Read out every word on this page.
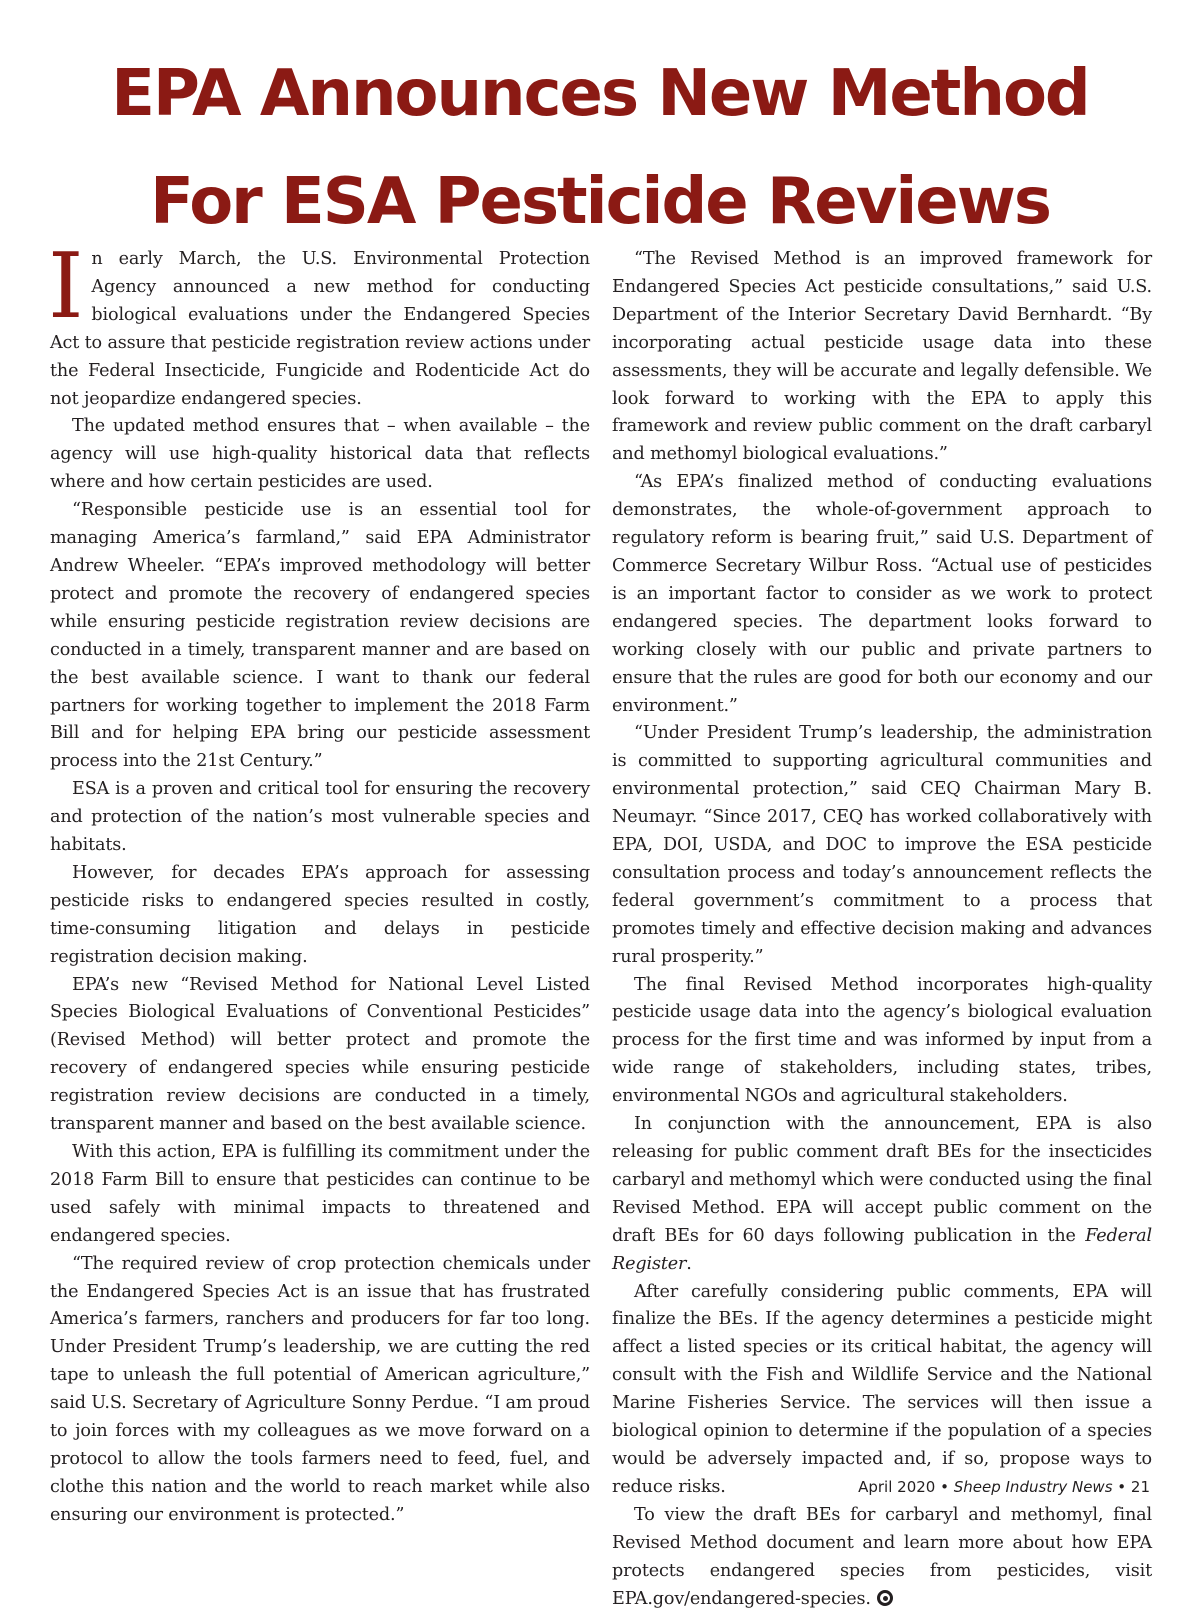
EPA Announces New Method
For ESA Pesticide Reviews

In early March, the U.S. Environmental Protection Agency announced a new method for conducting biological evaluations under the Endangered Species Act to assure that pesticide registration review actions under the Federal Insecticide, Fungicide and Rodenticide Act do not jeopardize endangered species.

The updated method ensures that – when available – the agency will use high-quality historical data that reflects where and how certain pesticides are used.

“Responsible pesticide use is an essential tool for managing America’s farmland,” said EPA Administrator Andrew Wheeler. “EPA’s improved methodology will better protect and promote the recovery of endangered species while ensuring pesticide registration review decisions are conducted in a timely, transparent manner and are based on the best available science. I want to thank our federal partners for working together to implement the 2018 Farm Bill and for helping EPA bring our pesticide assessment process into the 21st Century.”

ESA is a proven and critical tool for ensuring the recovery and protection of the nation’s most vulnerable species and habitats.

However, for decades EPA’s approach for assessing pesticide risks to endangered species resulted in costly, time-consuming litigation and delays in pesticide registration decision making.

EPA’s new “Revised Method for National Level Listed Species Biological Evaluations of Conventional Pesticides” (Revised Method) will better protect and promote the recovery of endangered species while ensuring pesticide registration review decisions are conducted in a timely, transparent manner and based on the best available science.

With this action, EPA is fulfilling its commitment under the 2018 Farm Bill to ensure that pesticides can continue to be used safely with minimal impacts to threatened and endangered species.

“The required review of crop protection chemicals under the Endangered Species Act is an issue that has frustrated America’s farmers, ranchers and producers for far too long. Under President Trump’s leadership, we are cutting the red tape to unleash the full potential of American agriculture,” said U.S. Secretary of Agriculture Sonny Perdue. “I am proud to join forces with my colleagues as we move forward on a protocol to allow the tools farmers need to feed, fuel, and clothe this nation and the world to reach market while also ensuring our environment is protected.”

“The Revised Method is an improved framework for Endangered Species Act pesticide consultations,” said U.S. Department of the Interior Secretary David Bernhardt. “By incorporating actual pesticide usage data into these assessments, they will be accurate and legally defensible. We look forward to working with the EPA to apply this framework and review public comment on the draft carbaryl and methomyl biological evaluations.”

“As EPA’s finalized method of conducting evaluations demonstrates, the whole-of-government approach to regulatory reform is bearing fruit,” said U.S. Department of Commerce Secretary Wilbur Ross. “Actual use of pesticides is an important factor to consider as we work to protect endangered species. The department looks forward to working closely with our public and private partners to ensure that the rules are good for both our economy and our environment.”

“Under President Trump’s leadership, the administration is committed to supporting agricultural communities and environmental protection,” said CEQ Chairman Mary B. Neumayr. “Since 2017, CEQ has worked collaboratively with EPA, DOI, USDA, and DOC to improve the ESA pesticide consultation process and today’s announcement reflects the federal government’s commitment to a process that promotes timely and effective decision making and advances rural prosperity.”

The final Revised Method incorporates high-quality pesticide usage data into the agency’s biological evaluation process for the first time and was informed by input from a wide range of stakeholders, including states, tribes, environmental NGOs and agricultural stakeholders.

In conjunction with the announcement, EPA is also releasing for public comment draft BEs for the insecticides carbaryl and methomyl which were conducted using the final Revised Method. EPA will accept public comment on the draft BEs for 60 days following publication in the Federal Register.

After carefully considering public comments, EPA will finalize the BEs. If the agency determines a pesticide might affect a listed species or its critical habitat, the agency will consult with the Fish and Wildlife Service and the National Marine Fisheries Service. The services will then issue a biological opinion to determine if the population of a species would be adversely impacted and, if so, propose ways to reduce risks.

To view the draft BEs for carbaryl and methomyl, final Revised Method document and learn more about how EPA protects endangered species from pesticides, visit EPA.gov/endangered-species.

April 2020 • Sheep Industry News • 21
